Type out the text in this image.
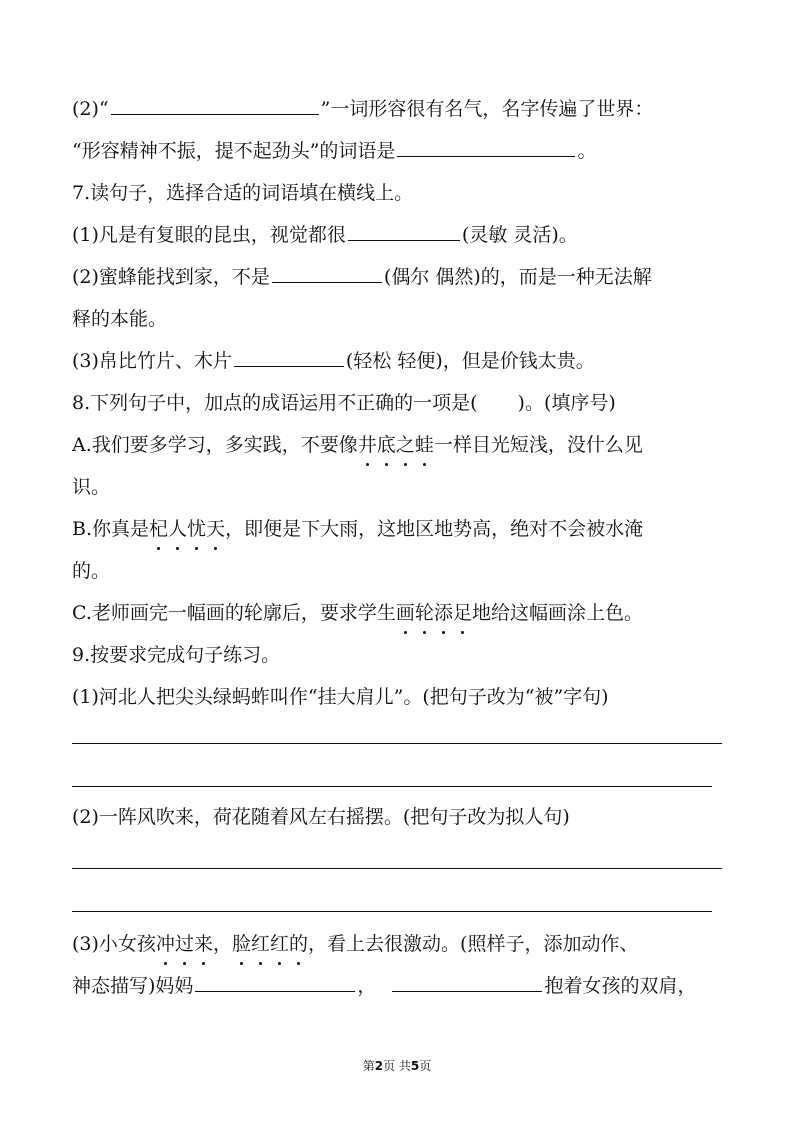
(2)“	”一词形容很有名气，名字传遍了世界：
“形容精神不振，提不起劲头”的词语是	。
7.读句子，选择合适的词语填在横线上。
(1)凡是有复眼的昆虫，视觉都很	(灵敏 灵活)。
(2)蜜蜂能找到家，不是	(偶尔 偶然)的，而是一种无法解
释的本能。
(3)帛比竹片、木片	(轻松 轻便)，但是价钱太贵。
8.下列句子中，加点的成语运用不正确的一项是( )。(填序号)
A.我们要多学习，多实践，不要像井底之蛙一样目光短浅，没什么见
识。
B.你真是杞人忧天，即便是下大雨，这地区地势高，绝对不会被水淹
的。
C.老师画完一幅画的轮廓后，要求学生画轮添足地给这幅画涂上色。
9.按要求完成句子练习。
(1)河北人把尖头绿蚂蚱叫作“挂大肩儿”。(把句子改为“被”字句)
(2)一阵风吹来，荷花随着风左右摇摆。(把句子改为拟人句)
(3)小女孩冲过来，脸红红的，看上去很激动。(照样子，添加动作、
神态描写)妈妈	，	抱着女孩的双肩，
第2页 共5页
